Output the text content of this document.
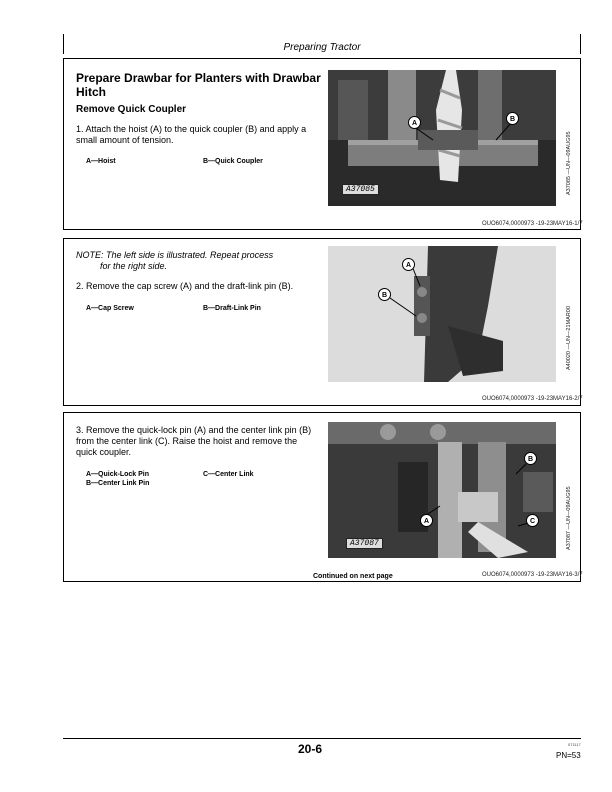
Preparing Tractor
Prepare Drawbar for Planters with Drawbar Hitch
Remove Quick Coupler
1. Attach the hoist (A) to the quick coupler (B) and apply a small amount of tension.
A—Hoist	B—Quick Coupler
A
B
A37085	A37085 —UN—09AUG95
OUO6074,0000973 -19-23MAY16-1/7
NOTE: The left side is illustrated. Repeat process
for the right side.
2. Remove the cap screw (A) and the draft-link pin (B).
A—Cap Screw	B—Draft-Link Pin
A
B
A40020 —UN—21MAR00
OUO6074,0000973 -19-23MAY16-2/7
3. Remove the quick-lock pin (A) and the center link pin (B) from the center link (C). Raise the hoist and remove the quick coupler.
A—Quick-Lock Pin
B—Center Link Pin
C—Center Link
A
B
C
A37087	A37087 —UN—09AUG95
Continued on next page	OUO6074,0000973 -19-23MAY16-3/7
20-6	071117
PN=53
